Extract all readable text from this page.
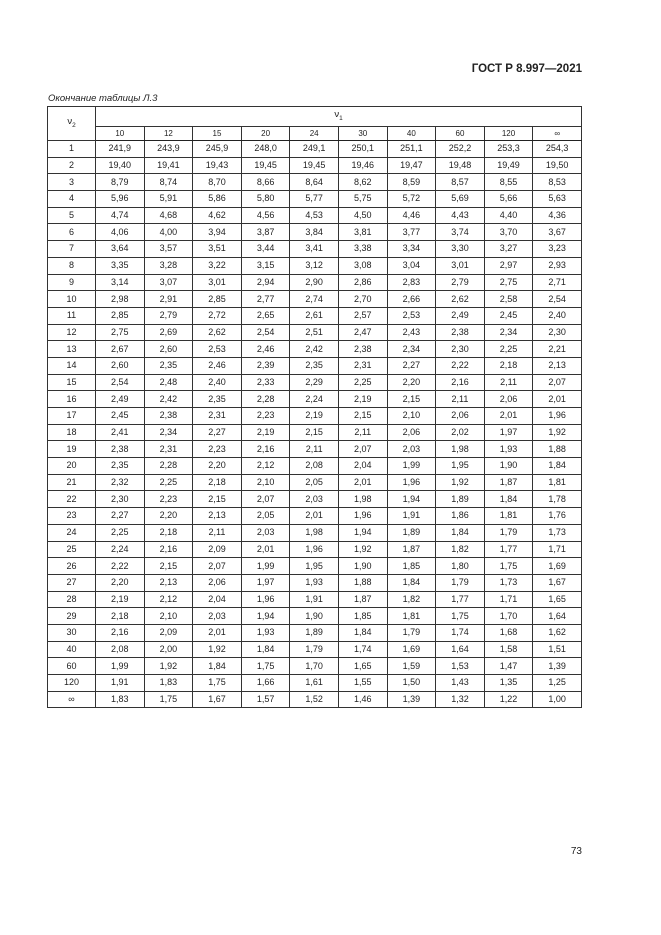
ГОСТ Р 8.997—2021
Окончание таблицы Л.3
$\nu_2$	$\nu_1$
	10	12	15	20	24	30	40	60	120	∞
1	241,9	243,9	245,9	248,0	249,1	250,1	251,1	252,2	253,3	254,3
2	19,40	19,41	19,43	19,45	19,45	19,46	19,47	19,48	19,49	19,50
3	8,79	8,74	8,70	8,66	8,64	8,62	8,59	8,57	8,55	8,53
4	5,96	5,91	5,86	5,80	5,77	5,75	5,72	5,69	5,66	5,63
5	4,74	4,68	4,62	4,56	4,53	4,50	4,46	4,43	4,40	4,36
6	4,06	4,00	3,94	3,87	3,84	3,81	3,77	3,74	3,70	3,67
7	3,64	3,57	3,51	3,44	3,41	3,38	3,34	3,30	3,27	3,23
8	3,35	3,28	3,22	3,15	3,12	3,08	3,04	3,01	2,97	2,93
9	3,14	3,07	3,01	2,94	2,90	2,86	2,83	2,79	2,75	2,71
10	2,98	2,91	2,85	2,77	2,74	2,70	2,66	2,62	2,58	2,54
11	2,85	2,79	2,72	2,65	2,61	2,57	2,53	2,49	2,45	2,40
12	2,75	2,69	2,62	2,54	2,51	2,47	2,43	2,38	2,34	2,30
13	2,67	2,60	2,53	2,46	2,42	2,38	2,34	2,30	2,25	2,21
14	2,60	2,35	2,46	2,39	2,35	2,31	2,27	2,22	2,18	2,13
15	2,54	2,48	2,40	2,33	2,29	2,25	2,20	2,16	2,11	2,07
16	2,49	2,42	2,35	2,28	2,24	2,19	2,15	2,11	2,06	2,01
17	2,45	2,38	2,31	2,23	2,19	2,15	2,10	2,06	2,01	1,96
18	2,41	2,34	2,27	2,19	2,15	2,11	2,06	2,02	1,97	1,92
19	2,38	2,31	2,23	2,16	2,11	2,07	2,03	1,98	1,93	1,88
20	2,35	2,28	2,20	2,12	2,08	2,04	1,99	1,95	1,90	1,84
21	2,32	2,25	2,18	2,10	2,05	2,01	1,96	1,92	1,87	1,81
22	2,30	2,23	2,15	2,07	2,03	1,98	1,94	1,89	1,84	1,78
23	2,27	2,20	2,13	2,05	2,01	1,96	1,91	1,86	1,81	1,76
24	2,25	2,18	2,11	2,03	1,98	1,94	1,89	1,84	1,79	1,73
25	2,24	2,16	2,09	2,01	1,96	1,92	1,87	1,82	1,77	1,71
26	2,22	2,15	2,07	1,99	1,95	1,90	1,85	1,80	1,75	1,69
27	2,20	2,13	2,06	1,97	1,93	1,88	1,84	1,79	1,73	1,67
28	2,19	2,12	2,04	1,96	1,91	1,87	1,82	1,77	1,71	1,65
29	2,18	2,10	2,03	1,94	1,90	1,85	1,81	1,75	1,70	1,64
30	2,16	2,09	2,01	1,93	1,89	1,84	1,79	1,74	1,68	1,62
40	2,08	2,00	1,92	1,84	1,79	1,74	1,69	1,64	1,58	1,51
60	1,99	1,92	1,84	1,75	1,70	1,65	1,59	1,53	1,47	1,39
120	1,91	1,83	1,75	1,66	1,61	1,55	1,50	1,43	1,35	1,25
∞	1,83	1,75	1,67	1,57	1,52	1,46	1,39	1,32	1,22	1,00
73
